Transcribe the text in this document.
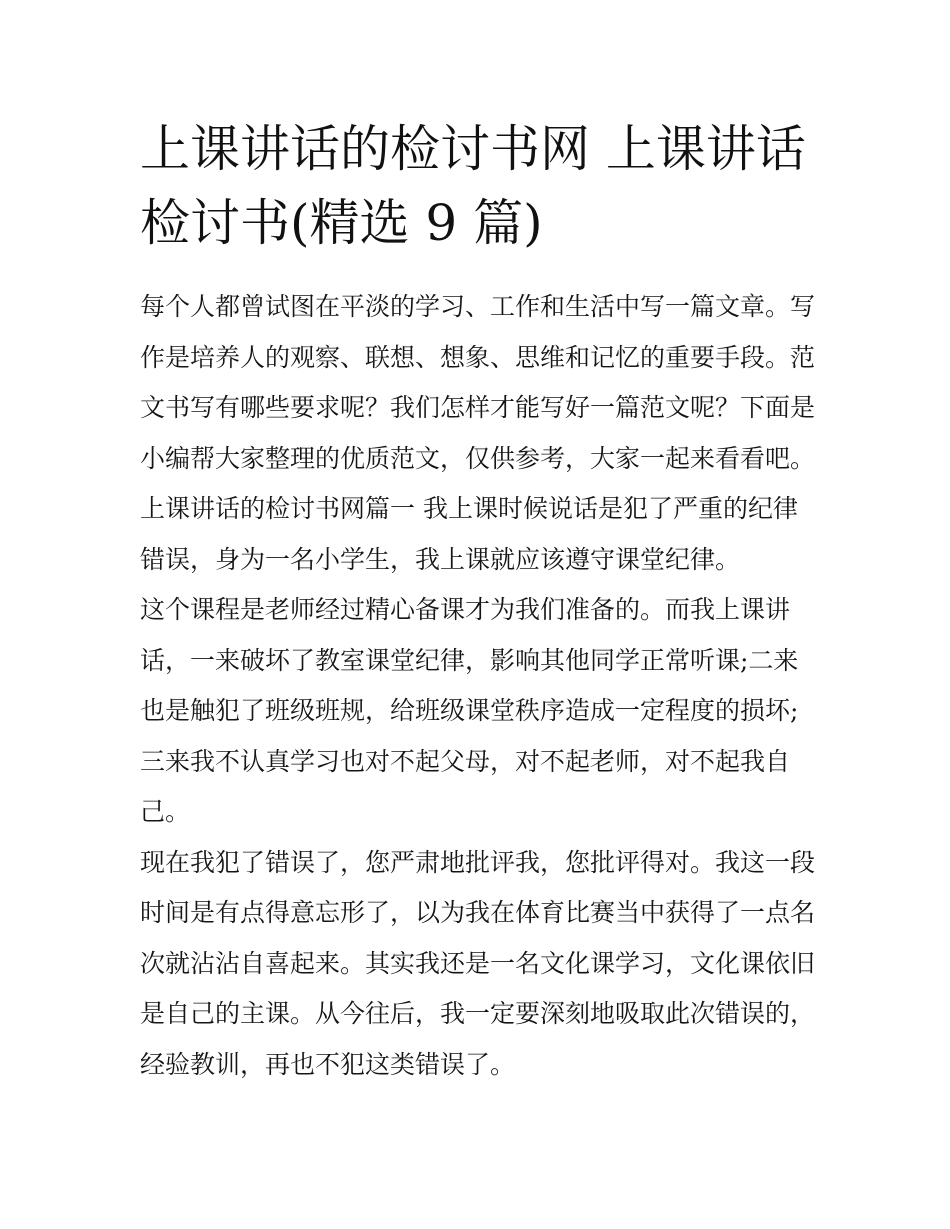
上课讲话的检讨书网 上课讲话
检讨书(精选 9 篇)
每个人都曾试图在平淡的学习、工作和生活中写一篇文章。写
作是培养人的观察、联想、想象、思维和记忆的重要手段。范
文书写有哪些要求呢？我们怎样才能写好一篇范文呢？下面是
小编帮大家整理的优质范文，仅供参考，大家一起来看看吧。
上课讲话的检讨书网篇一 我上课时候说话是犯了严重的纪律
错误，身为一名小学生，我上课就应该遵守课堂纪律。
这个课程是老师经过精心备课才为我们准备的。而我上课讲
话，一来破坏了教室课堂纪律，影响其他同学正常听课;二来
也是触犯了班级班规，给班级课堂秩序造成一定程度的损坏;
三来我不认真学习也对不起父母，对不起老师，对不起我自
己。
现在我犯了错误了，您严肃地批评我，您批评得对。我这一段
时间是有点得意忘形了，以为我在体育比赛当中获得了一点名
次就沾沾自喜起来。其实我还是一名文化课学习，文化课依旧
是自己的主课。从今往后，我一定要深刻地吸取此次错误的，
经验教训，再也不犯这类错误了。
